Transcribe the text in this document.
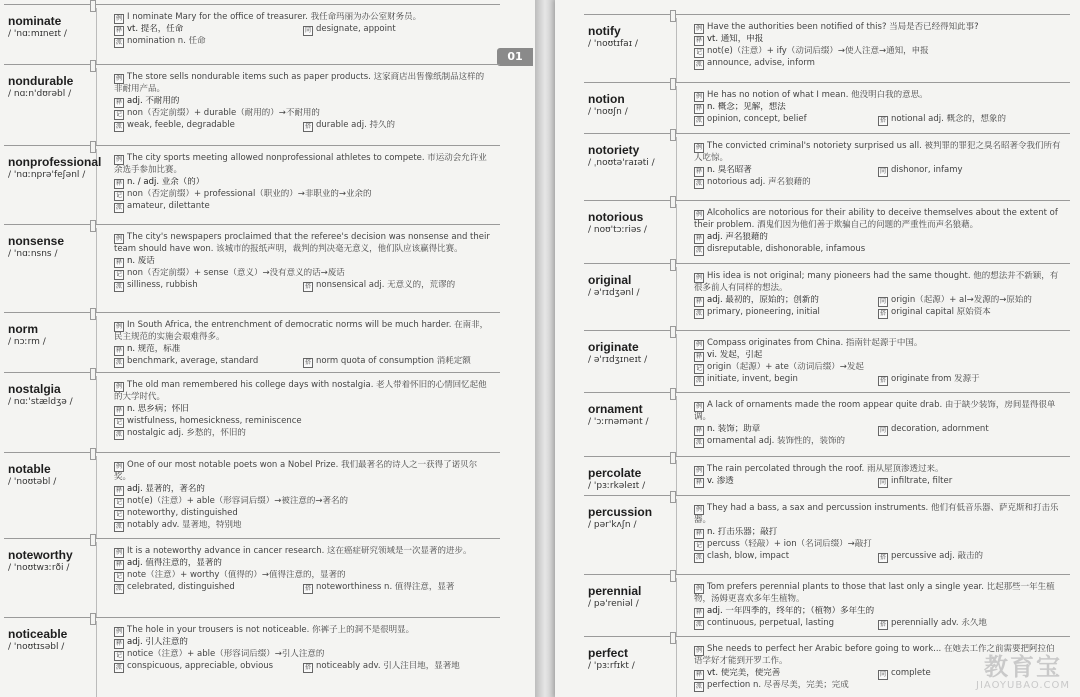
01
nominate
/ 'nɑːmɪneɪt /
例 I nominate Mary for the office of treasurer. 我任命玛丽为办公室财务员。
释 vt. 提名，任命	同 designate, appoint
派 nomination n. 任命
nondurable
/ nɑːn'dʊrəbl /
例 The store sells nondurable items such as paper products. 这家商店出售像纸制品这样的非耐用产品。
释 adj. 不耐用的
记 non（否定前缀）+ durable（耐用的）→不耐用的
派 weak, feeble, degradable	搭 durable adj. 持久的
nonprofessional
/ 'nɑːnprə'feʃənl /
例 The city sports meeting allowed nonprofessional athletes to compete. 市运动会允许业余选手参加比赛。
释 n. / adj. 业余（的）
记 non（否定前缀）+ professional（职业的）→非职业的→业余的
派 amateur, dilettante
nonsense
/ 'nɑːnsns /
例 The city's newspapers proclaimed that the referee's decision was nonsense and their team should have won. 该城市的报纸声明，裁判的判决毫无意义，他们队应该赢得比赛。
释 n. 废话
记 non（否定前缀）+ sense（意义）→没有意义的话→废话
派 silliness, rubbish	搭 nonsensical adj. 无意义的，荒谬的
norm
/ nɔːrm /
例 In South Africa, the entrenchment of democratic norms will be much harder. 在南非，民主规范的实施会艰难得多。
释 n. 规范，标准
派 benchmark, average, standard	搭 norm quota of consumption 消耗定额
nostalgia
/ nɑː'stældʒə /
例 The old man remembered his college days with nostalgia. 老人带着怀旧的心情回忆起他的大学时代。
释 n. 思乡病；怀旧
记 wistfulness, homesickness, reminiscence
派 nostalgic adj. 乡愁的，怀旧的
notable
/ 'noʊtəbl /
例 One of our most notable poets won a Nobel Prize. 我们最著名的诗人之一获得了诺贝尔奖。
释 adj. 显著的，著名的
记 not(e)（注意）+ able（形容词后缀）→被注意的→著名的
记 noteworthy, distinguished
派 notably adv. 显著地，特别地
noteworthy
/ 'noʊtwɜːrði /
例 It is a noteworthy advance in cancer research. 这在癌症研究领域是一次显著的进步。
释 adj. 值得注意的，显著的
记 note（注意）+ worthy（值得的）→值得注意的，显著的
派 celebrated, distinguished	搭 noteworthiness n. 值得注意，显著
noticeable
/ 'noʊtɪsəbl /
例 The hole in your trousers is not noticeable. 你裤子上的洞不是很明显。
释 adj. 引人注意的
记 notice（注意）+ able（形容词后缀）→引人注意的
派 conspicuous, appreciable, obvious	搭 noticeably adv. 引人注目地，显著地
notify
/ 'noʊtɪfaɪ /
例 Have the authorities been notified of this? 当局是否已经得知此事?
释 vt. 通知，申报
记 not(e)（注意）+ ify（动词后缀）→使人注意→通知，申报
派 announce, advise, inform
notion
/ 'noʊʃn /
例 He has no notion of what I mean. 他没明白我的意思。
释 n. 概念；见解，想法
派 opinion, concept, belief	搭 notional adj. 概念的，想象的
notoriety
/ ˌnoʊtə'raɪəti /
例 The convicted criminal's notoriety surprised us all. 被判罪的罪犯之臭名昭著令我们所有人吃惊。
释 n. 臭名昭著	同 dishonor, infamy
派 notorious adj. 声名狼藉的
notorious
/ noʊ'tɔːriəs /
例 Alcoholics are notorious for their ability to deceive themselves about the extent of their problem. 酒鬼们因为他们善于欺骗自己的问题的严重性而声名狼藉。
释 adj. 声名狼藉的
派 disreputable, dishonorable, infamous
original
/ ə'rɪdʒənl /
例 His idea is not original; many pioneers had the same thought. 他的想法并不新颖，有很多前人有同样的想法。
释 adj. 最初的，原始的；创新的	同 origin（起源）+ al→发源的→原始的
派 primary, pioneering, initial	搭 original capital 原始资本
originate
/ ə'rɪdʒɪneɪt /
例 Compass originates from China. 指南针起源于中国。
释 vi. 发起，引起
记 origin（起源）+ ate（动词后缀）→发起
派 initiate, invent, begin	搭 originate from 发源于
ornament
/ 'ɔːrnəmənt /
例 A lack of ornaments made the room appear quite drab. 由于缺少装饰，房间显得很单调。
释 n. 装饰；助章	同 decoration, adornment
派 ornamental adj. 装饰性的，装饰的
percolate
/ 'pɜːrkəleɪt /
例 The rain percolated through the roof. 雨从屋顶渗透过来。
释 v. 渗透	同 infiltrate, filter
percussion
/ pər'kʌʃn /
例 They had a bass, a sax and percussion instruments. 他们有低音乐器、萨克斯和打击乐器。
释 n. 打击乐器；敲打
记 percuss（轻敲）+ ion（名词后缀）→敲打
派 clash, blow, impact	搭 percussive adj. 敲击的
perennial
/ pə'reniəl /
例 Tom prefers perennial plants to those that last only a single year. 比起那些一年生植物，汤姆更喜欢多年生植物。
释 adj. 一年四季的，终年的；（植物）多年生的
派 continuous, perpetual, lasting	搭 perennially adv. 永久地
perfect
/ 'pɜːrfɪkt /
例 She needs to perfect her Arabic before going to work... 在她去工作之前需要把阿拉伯语学好才能到开罗工作。
释 vt. 使完美，使完善	同 complete
派 perfection n. 尽善尽美，完美；完成
教育宝
JIAOYUBAO.COM
